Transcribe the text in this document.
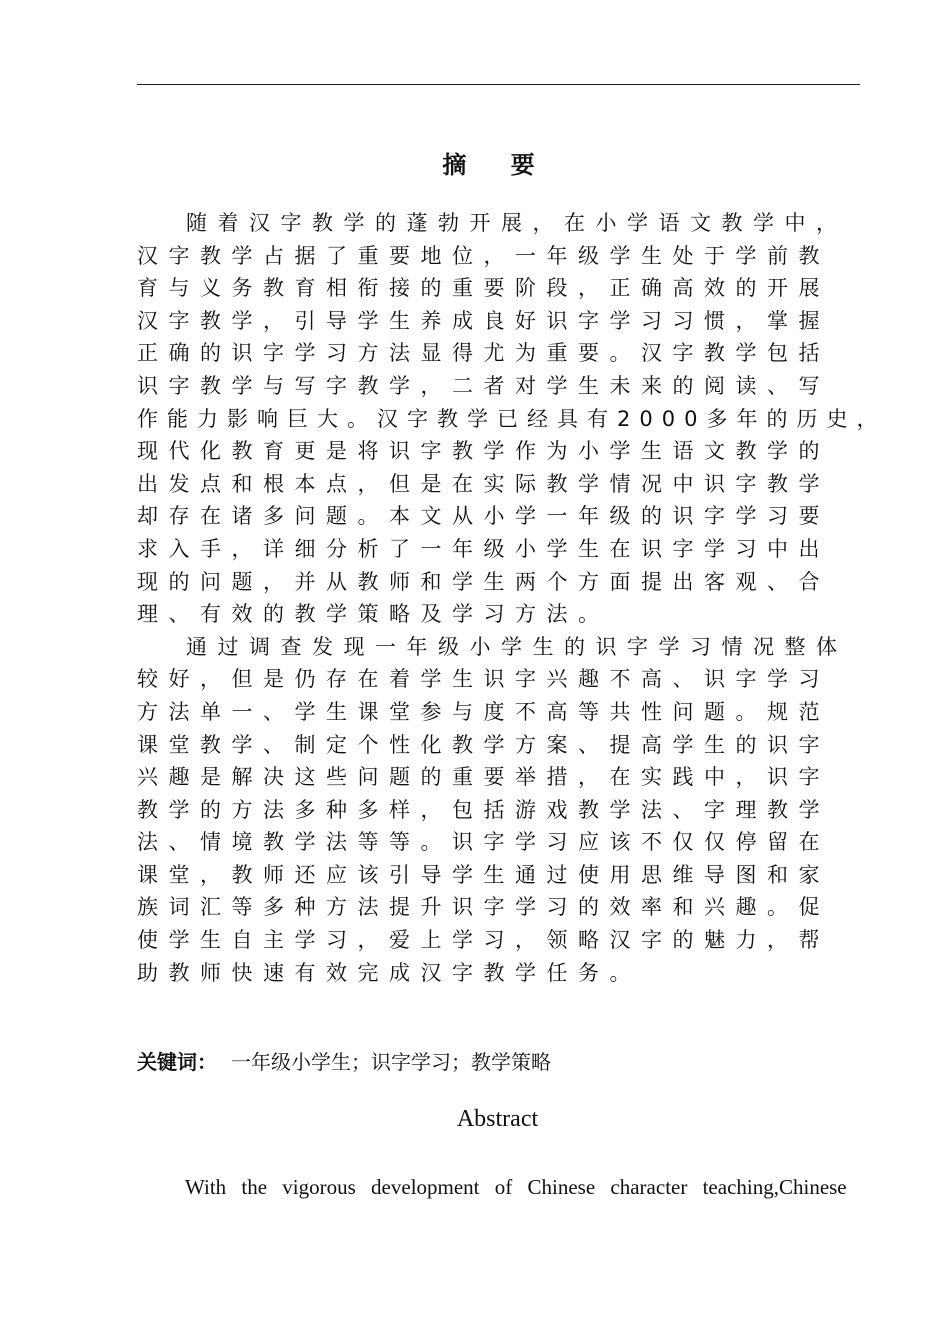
摘 要
随着汉字教学的蓬勃开展，在小学语文教学中，
汉字教学占据了重要地位，一年级学生处于学前教
育与义务教育相衔接的重要阶段，正确高效的开展
汉字教学，引导学生养成良好识字学习习惯，掌握
正确的识字学习方法显得尤为重要。汉字教学包括
识字教学与写字教学，二者对学生未来的阅读、写
作能力影响巨大。汉字教学已经具有2000多年的历史，
现代化教育更是将识字教学作为小学生语文教学的
出发点和根本点，但是在实际教学情况中识字教学
却存在诸多问题。本文从小学一年级的识字学习要
求入手，详细分析了一年级小学生在识字学习中出
现的问题，并从教师和学生两个方面提出客观、合
理、有效的教学策略及学习方法。
通过调查发现一年级小学生的识字学习情况整体
较好，但是仍存在着学生识字兴趣不高、识字学习
方法单一、学生课堂参与度不高等共性问题。规范
课堂教学、制定个性化教学方案、提高学生的识字
兴趣是解决这些问题的重要举措，在实践中，识字
教学的方法多种多样，包括游戏教学法、字理教学
法、情境教学法等等。识字学习应该不仅仅停留在
课堂，教师还应该引导学生通过使用思维导图和家
族词汇等多种方法提升识字学习的效率和兴趣。促
使学生自主学习，爱上学习，领略汉字的魅力，帮
助教师快速有效完成汉字教学任务。
关键词： 一年级小学生；识字学习；教学策略
Abstract
With the vigorous development of Chinese character teaching,Chinese
